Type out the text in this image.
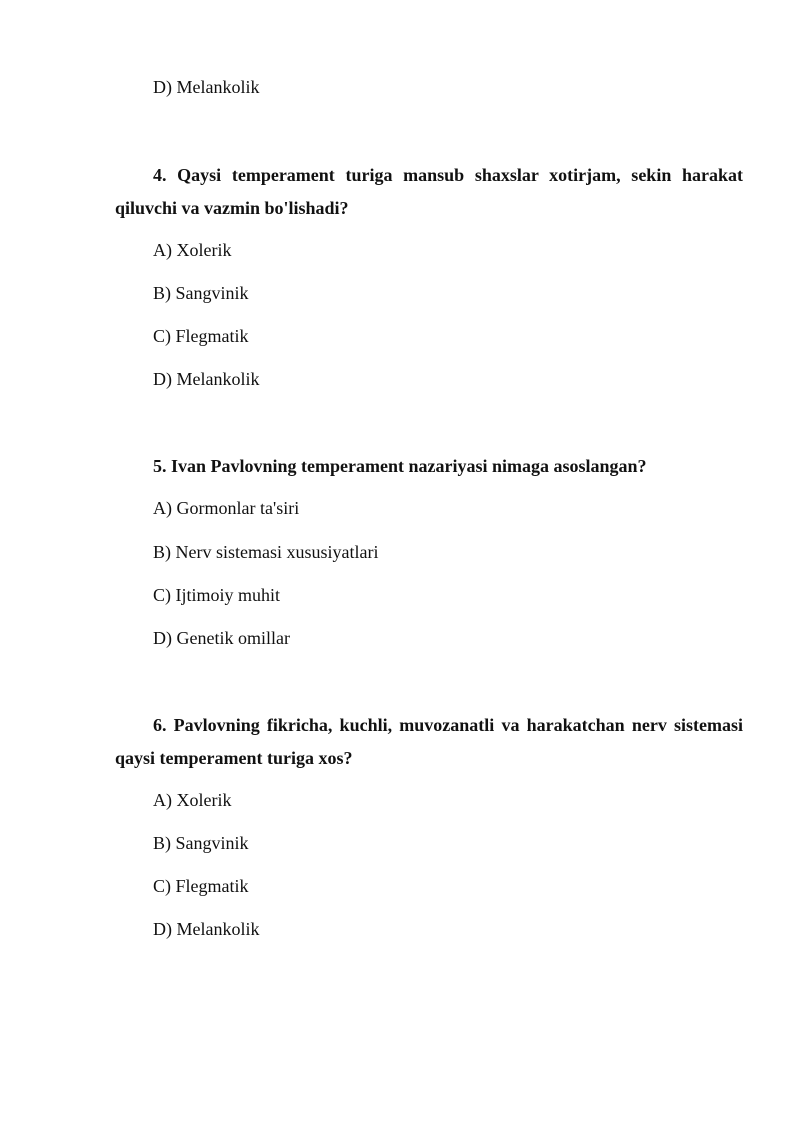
D) Melankolik
4. Qaysi temperament turiga mansub shaxslar xotirjam, sekin harakat
qiluvchi va vazmin bo'lishadi?
A) Xolerik
B) Sangvinik
C) Flegmatik
D) Melankolik
5. Ivan Pavlovning temperament nazariyasi nimaga asoslangan?
A) Gormonlar ta'siri
B) Nerv sistemasi xususiyatlari
C) Ijtimoiy muhit
D) Genetik omillar
6. Pavlovning fikricha, kuchli, muvozanatli va harakatchan nerv sistemasi
qaysi temperament turiga xos?
A) Xolerik
B) Sangvinik
C) Flegmatik
D) Melankolik
